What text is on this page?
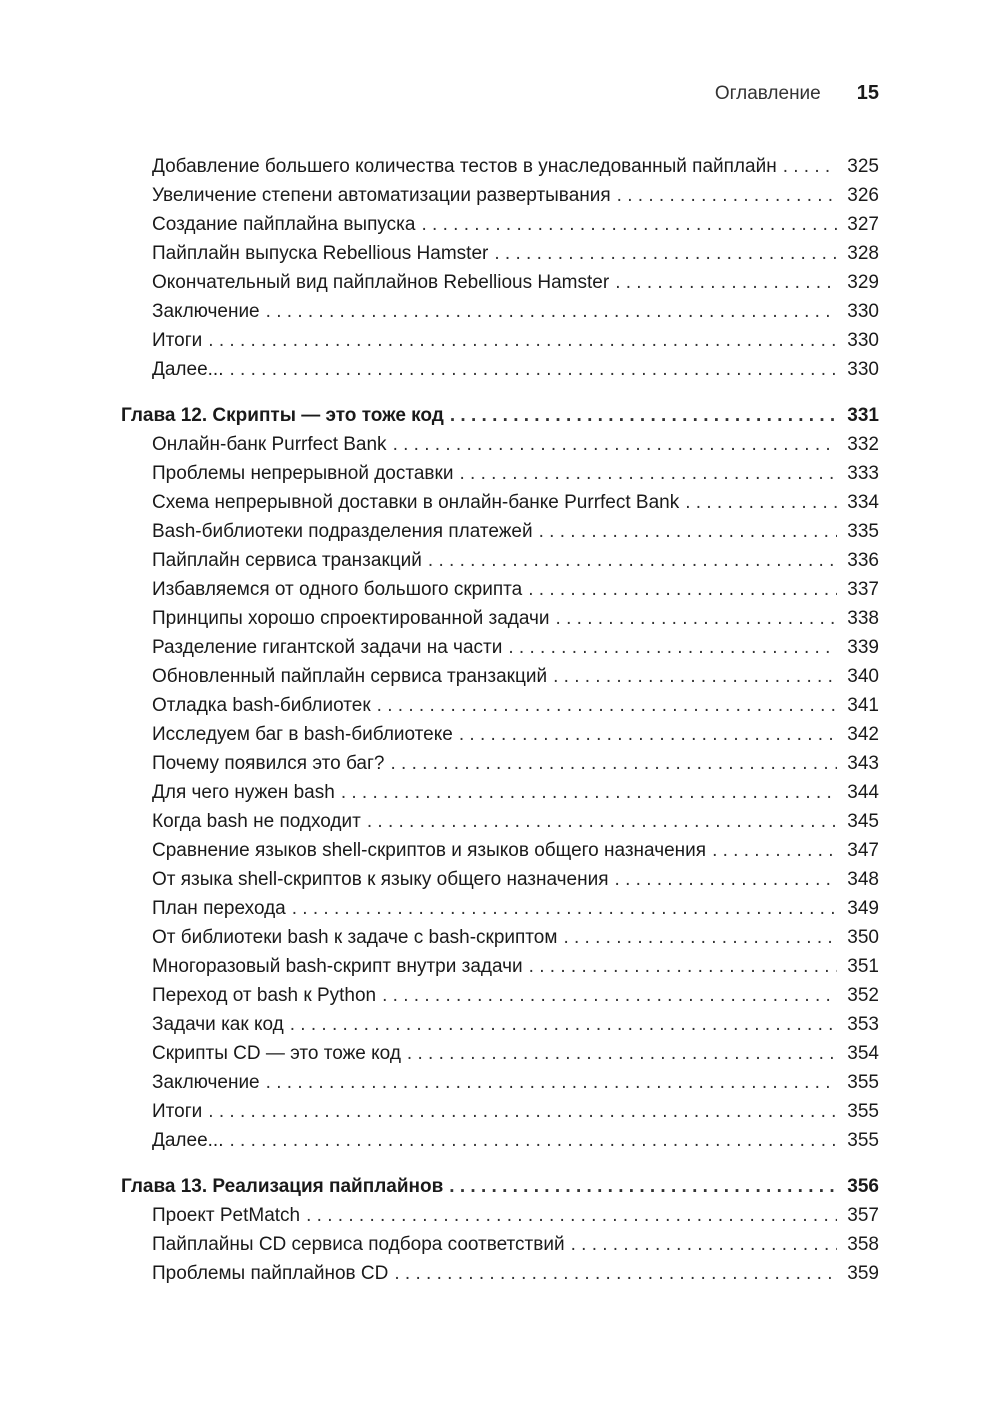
Оглавление 15
Добавление большего количества тестов в унаследованный пайплайн . . .	325
Увеличение степени автоматизации развертывания . . .	326
Создание пайплайна выпуска . . .	327
Пайплайн выпуска Rebellious Hamster . . .	328
Окончательный вид пайплайнов Rebellious Hamster . . .	329
Заключение . . .	330
Итоги . . .	330
Далее... . . .	330
Глава 12. Скрипты — это тоже код . . .	331
Онлайн-банк Purrfect Bank . . .	332
Проблемы непрерывной доставки . . .	333
Схема непрерывной доставки в онлайн-банке Purrfect Bank . . .	334
Bash-библиотеки подразделения платежей . . .	335
Пайплайн сервиса транзакций . . .	336
Избавляемся от одного большого скрипта . . .	337
Принципы хорошо спроектированной задачи . . .	338
Разделение гигантской задачи на части . . .	339
Обновленный пайплайн сервиса транзакций . . .	340
Отладка bash-библиотек . . .	341
Исследуем баг в bash-библиотеке . . .	342
Почему появился это баг? . . .	343
Для чего нужен bash . . .	344
Когда bash не подходит . . .	345
Сравнение языков shell-скриптов и языков общего назначения . . .	347
От языка shell-скриптов к языку общего назначения . . .	348
План перехода . . .	349
От библиотеки bash к задаче с bash-скриптом . . .	350
Многоразовый bash-скрипт внутри задачи . . .	351
Переход от bash к Python . . .	352
Задачи как код . . .	353
Скрипты CD — это тоже код . . .	354
Заключение . . .	355
Итоги . . .	355
Далее... . . .	355
Глава 13. Реализация пайплайнов . . .	356
Проект PetMatch . . .	357
Пайплайны CD сервиса подбора соответствий . . .	358
Проблемы пайплайнов CD . . .	359
